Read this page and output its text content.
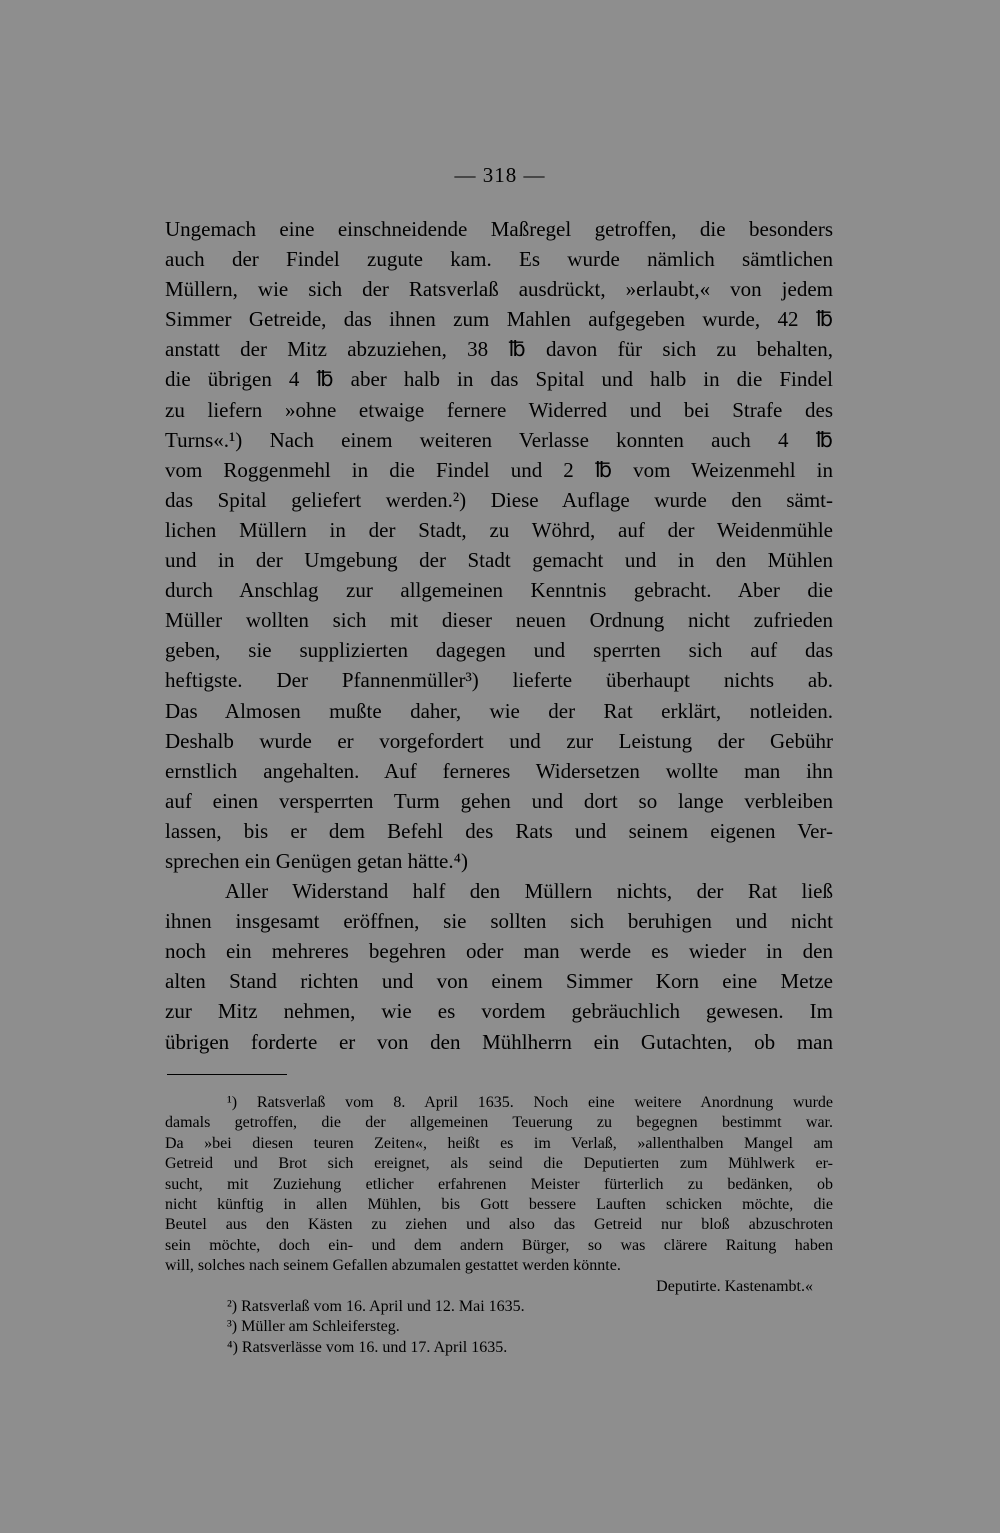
— 318 —
Ungemach eine einschneidende Maßregel getroffen, die besonders
auch der Findel zugute kam. Es wurde nämlich sämtlichen
Müllern, wie sich der Ratsverlaß ausdrückt, »erlaubt,« von jedem
Simmer Getreide, das ihnen zum Mahlen aufgegeben wurde, 42 ℔
anstatt der Mitz abzuziehen, 38 ℔ davon für sich zu behalten,
die übrigen 4 ℔ aber halb in das Spital und halb in die Findel
zu liefern »ohne etwaige fernere Widerred und bei Strafe des
Turns«.¹) Nach einem weiteren Verlasse konnten auch 4 ℔
vom Roggenmehl in die Findel und 2 ℔ vom Weizenmehl in
das Spital geliefert werden.²) Diese Auflage wurde den sämt-
lichen Müllern in der Stadt, zu Wöhrd, auf der Weidenmühle
und in der Umgebung der Stadt gemacht und in den Mühlen
durch Anschlag zur allgemeinen Kenntnis gebracht. Aber die
Müller wollten sich mit dieser neuen Ordnung nicht zufrieden
geben, sie supplizierten dagegen und sperrten sich auf das
heftigste. Der Pfannenmüller³) lieferte überhaupt nichts ab.
Das Almosen mußte daher, wie der Rat erklärt, notleiden.
Deshalb wurde er vorgefordert und zur Leistung der Gebühr
ernstlich angehalten. Auf ferneres Widersetzen wollte man ihn
auf einen versperrten Turm gehen und dort so lange verbleiben
lassen, bis er dem Befehl des Rats und seinem eigenen Ver-
sprechen ein Genügen getan hätte.⁴)
Aller Widerstand half den Müllern nichts, der Rat ließ
ihnen insgesamt eröffnen, sie sollten sich beruhigen und nicht
noch ein mehreres begehren oder man werde es wieder in den
alten Stand richten und von einem Simmer Korn eine Metze
zur Mitz nehmen, wie es vordem gebräuchlich gewesen. Im
übrigen forderte er von den Mühlherrn ein Gutachten, ob man
¹) Ratsverlaß vom 8. April 1635. Noch eine weitere Anordnung wurde
damals getroffen, die der allgemeinen Teuerung zu begegnen bestimmt war.
Da »bei diesen teuren Zeiten«, heißt es im Verlaß, »allenthalben Mangel am
Getreid und Brot sich ereignet, als seind die Deputierten zum Mühlwerk er-
sucht, mit Zuziehung etlicher erfahrenen Meister fürterlich zu bedänken, ob
nicht künftig in allen Mühlen, bis Gott bessere Lauften schicken möchte, die
Beutel aus den Kästen zu ziehen und also das Getreid nur bloß abzuschroten
sein möchte, doch ein- und dem andern Bürger, so was clärere Raitung haben
will, solches nach seinem Gefallen abzumalen gestattet werden könnte.
Deputirte. Kastenambt.«
²) Ratsverlaß vom 16. April und 12. Mai 1635.
³) Müller am Schleifersteg.
⁴) Ratsverlässe vom 16. und 17. April 1635.
